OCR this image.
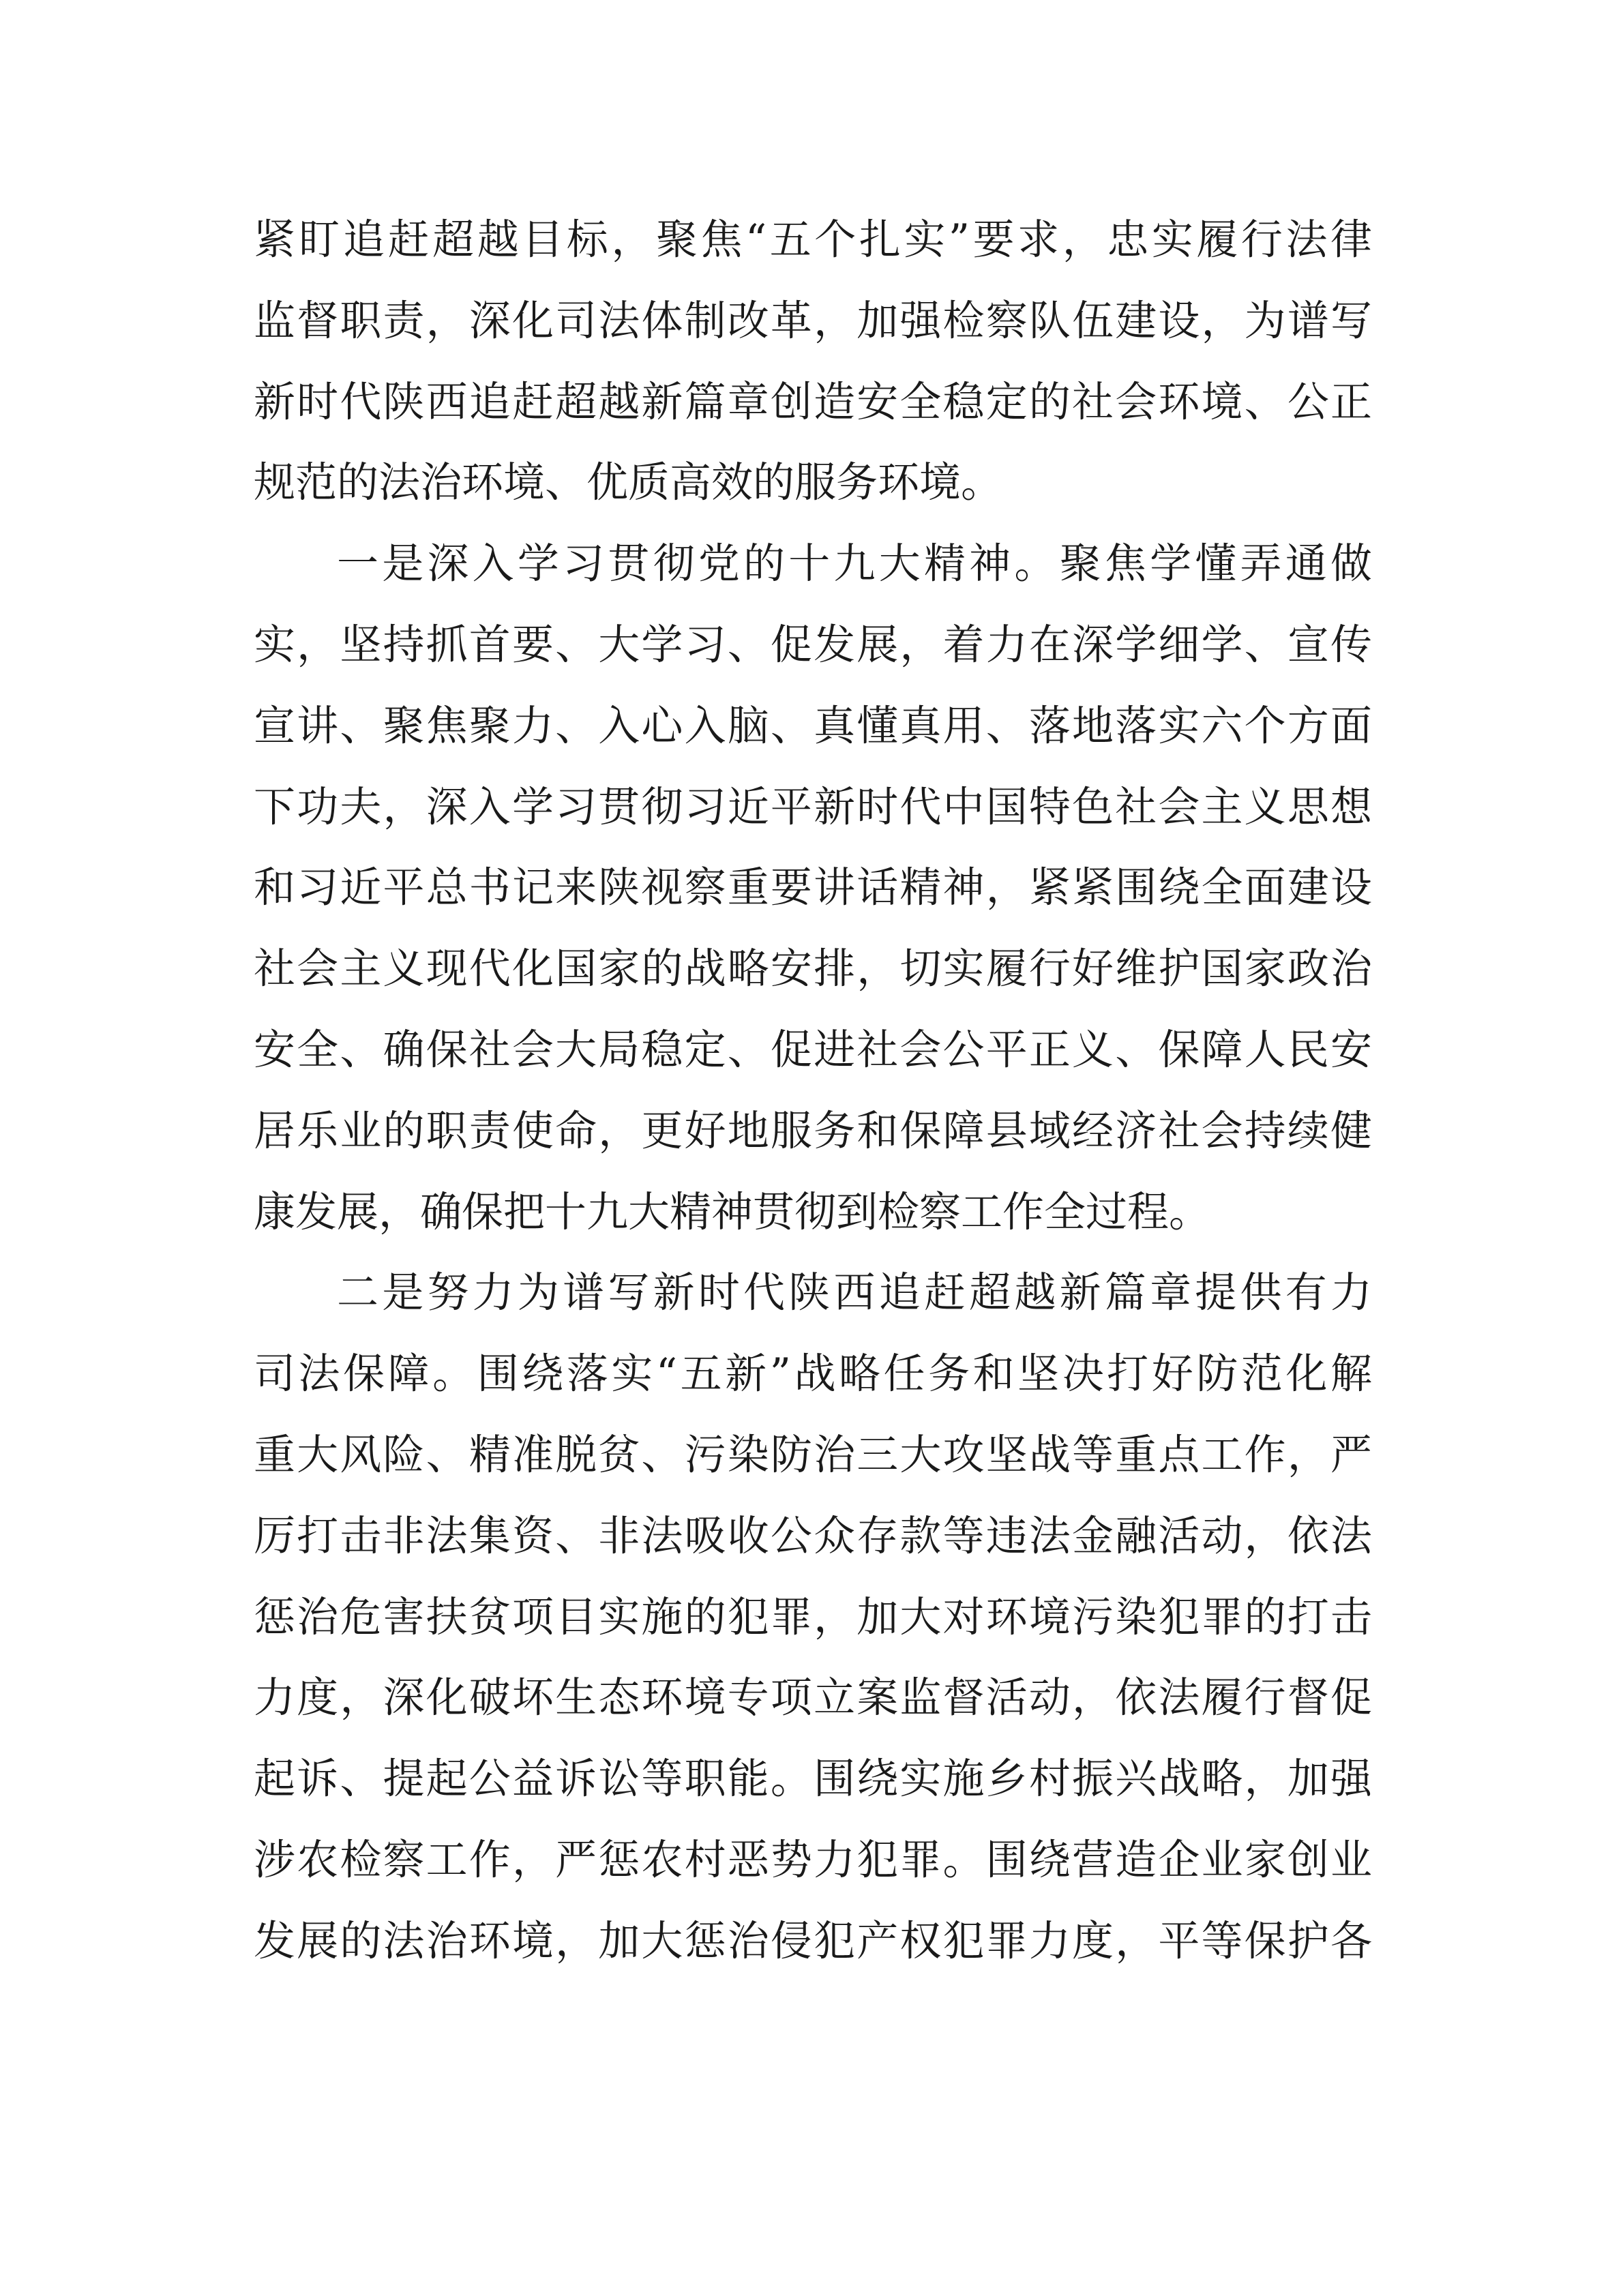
紧盯追赶超越目标，聚焦“五个扎实”要求，忠实履行法律
监督职责，深化司法体制改革，加强检察队伍建设，为谱写
新时代陕西追赶超越新篇章创造安全稳定的社会环境、公正
规范的法治环境、优质高效的服务环境。
一是深入学习贯彻党的十九大精神。聚焦学懂弄通做
实，坚持抓首要、大学习、促发展，着力在深学细学、宣传
宣讲、聚焦聚力、入心入脑、真懂真用、落地落实六个方面
下功夫，深入学习贯彻习近平新时代中国特色社会主义思想
和习近平总书记来陕视察重要讲话精神，紧紧围绕全面建设
社会主义现代化国家的战略安排，切实履行好维护国家政治
安全、确保社会大局稳定、促进社会公平正义、保障人民安
居乐业的职责使命，更好地服务和保障县域经济社会持续健
康发展，确保把十九大精神贯彻到检察工作全过程。
二是努力为谱写新时代陕西追赶超越新篇章提供有力
司法保障。围绕落实“五新”战略任务和坚决打好防范化解
重大风险、精准脱贫、污染防治三大攻坚战等重点工作，严
厉打击非法集资、非法吸收公众存款等违法金融活动，依法
惩治危害扶贫项目实施的犯罪，加大对环境污染犯罪的打击
力度，深化破坏生态环境专项立案监督活动，依法履行督促
起诉、提起公益诉讼等职能。围绕实施乡村振兴战略，加强
涉农检察工作，严惩农村恶势力犯罪。围绕营造企业家创业
发展的法治环境，加大惩治侵犯产权犯罪力度，平等保护各
